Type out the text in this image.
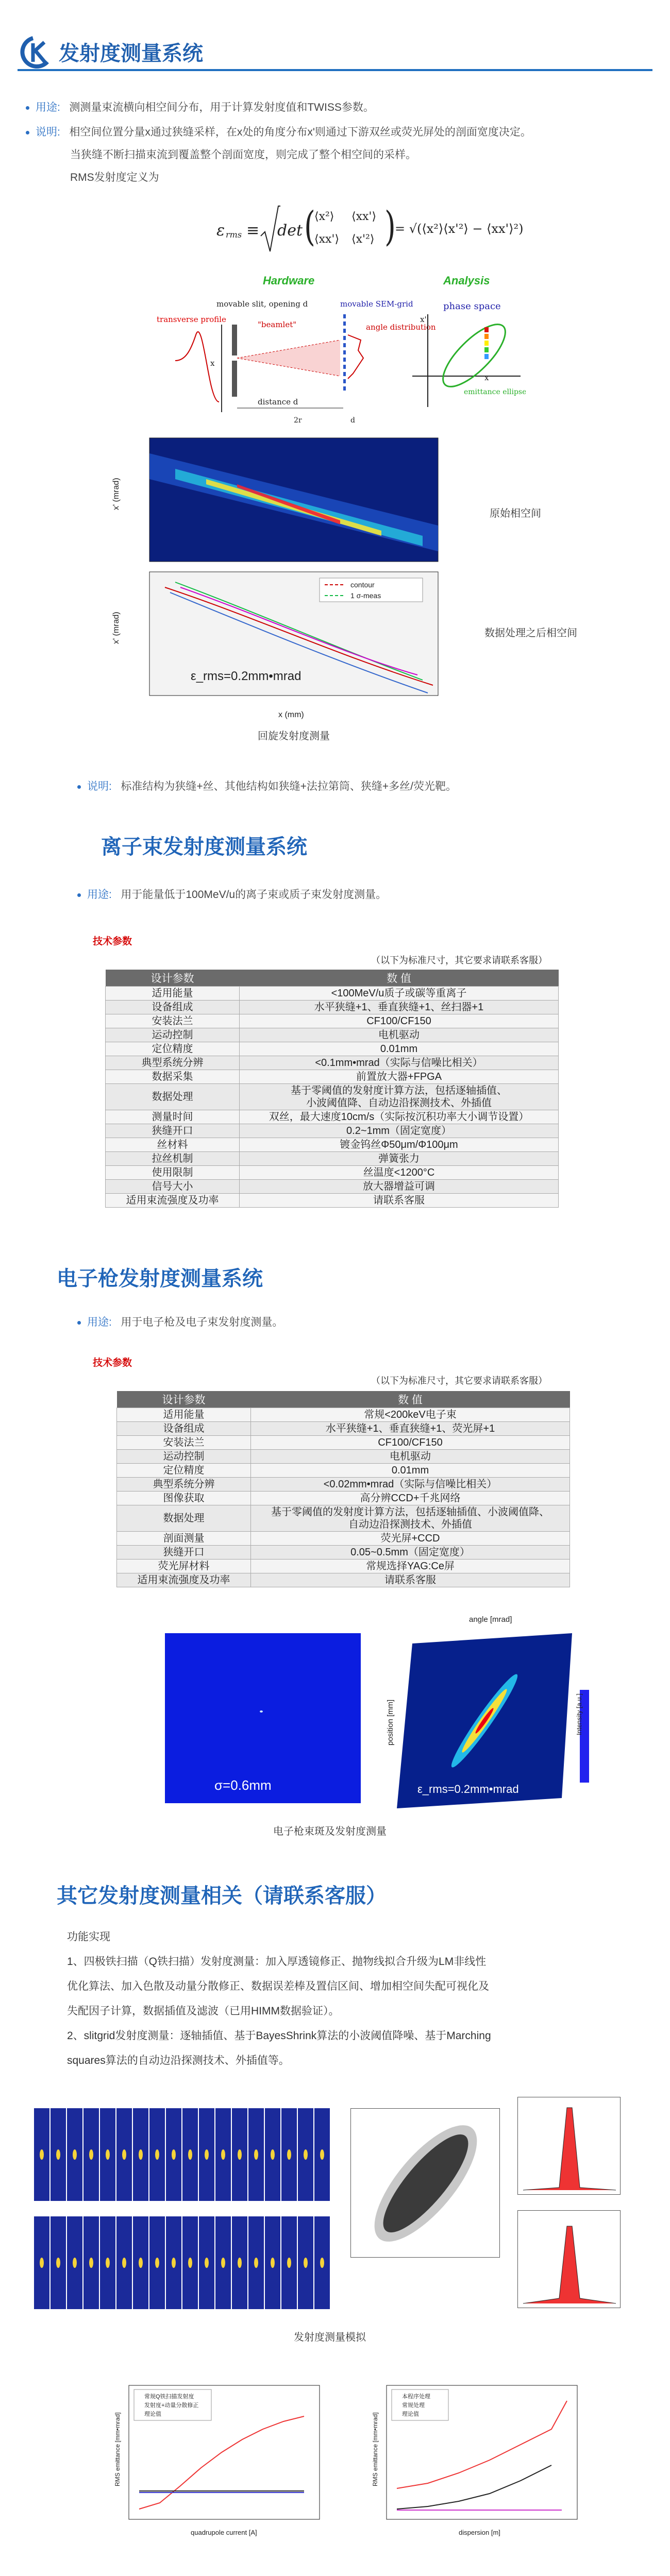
发射度测量系统
用途: 测测量束流横向相空间分布，用于计算发射度值和TWISS参数。
说明: 相空间位置分量x通过狭缝采样，在x处的角度分布x'则通过下游双丝或荧光屏处的剖面宽度决定。
当狭缝不断扫描束流到覆盖整个剖面宽度，则完成了整个相空间的采样。
RMS发射度定义为
ε rms ≡ det (
⟨x²⟩ ⟨xx'⟩
⟨xx'⟩ ⟨x'²⟩ )
= √(⟨x²⟩⟨x'²⟩ − ⟨xx'⟩²)
Hardware	Analysis
transverse profile
movable slit, opening d
"beamlet"
movable SEM-grid
angle distribution
x
distance d
2r	d
phase space
x'
x
emittance ellipse
x' (mrad)
contour
1 σ-meas
ε_rms=0.2mm•mrad
x' (mrad)
x (mm)
原始相空间
数据处理之后相空间
回旋发射度测量
说明: 标准结构为狭缝+丝、其他结构如狭缝+法拉第筒、狭缝+多丝/荧光靶。
离子束发射度测量系统
用途: 用于能量低于100MeV/u的离子束或质子束发射度测量。
技术参数
（以下为标准尺寸，其它要求请联系客服）
设计参数	数 值
适用能量	<100MeV/u质子或碳等重离子
设备组成	水平狭缝+1、垂直狭缝+1、丝扫器+1
安装法兰	CF100/CF150
运动控制	电机驱动
定位精度	0.01mm
典型系统分辨	<0.1mm•mrad（实际与信噪比相关）
数据采集	前置放大器+FPGA
数据处理	基于零阈值的发射度计算方法，包括逐轴插值、
小波阈值降、自动边沿探测技术、外插值
测量时间	双丝，最大速度10cm/s（实际按沉积功率大小调节设置）
狭缝开口	0.2~1mm（固定宽度）
丝材料	镀金钨丝Φ50μm/Φ100μm
拉丝机制	弹簧张力
使用限制	丝温度<1200°C
信号大小	放大器增益可调
适用束流强度及功率	请联系客服
电子枪发射度测量系统
用途: 用于电子枪及电子束发射度测量。
技术参数
（以下为标准尺寸，其它要求请联系客服）
设计参数	数 值
适用能量	常规<200keV电子束
设备组成	水平狭缝+1、垂直狭缝+1、荧光屏+1
安装法兰	CF100/CF150
运动控制	电机驱动
定位精度	0.01mm
典型系统分辨	<0.02mm•mrad（实际与信噪比相关）
图像获取	高分辨CCD+千兆网络
数据处理	基于零阈值的发射度计算方法，包括逐轴插值、小波阈值降、
自动边沿探测技术、外插值
剖面测量	荧光屏+CCD
狭缝开口	0.05~0.5mm（固定宽度）
荧光屏材料	常规选择YAG:Ce屏
适用束流强度及功率	请联系客服
σ=0.6mm
angle [mrad]
position [mm]
ε_rms=0.2mm•mrad
Intensity [a.u.]
电子枪束斑及发射度测量
其它发射度测量相关（请联系客服）
功能实现
1、四极铁扫描（Q铁扫描）发射度测量：加入厚透镜修正、抛物线拟合升级为LM非线性
优化算法、加入色散及动量分散修正、数据误差棒及置信区间、增加相空间失配可视化及
失配因子计算，数据插值及滤波（已用HIMM数据验证）。
2、slitgrid发射度测量：逐轴插值、基于BayesShrink算法的小波阈值降噪、基于Marching
squares算法的自动边沿探测技术、外插值等。
发射度测量模拟
常规Q铁扫描发射度
发射度+动量分散修正
理论值
quadrupole current [A]
RMS emittance [mm•mrad]
本程序处理
常规处理
理论值
dispersion [m]
RMS emittance [mm•mrad]
